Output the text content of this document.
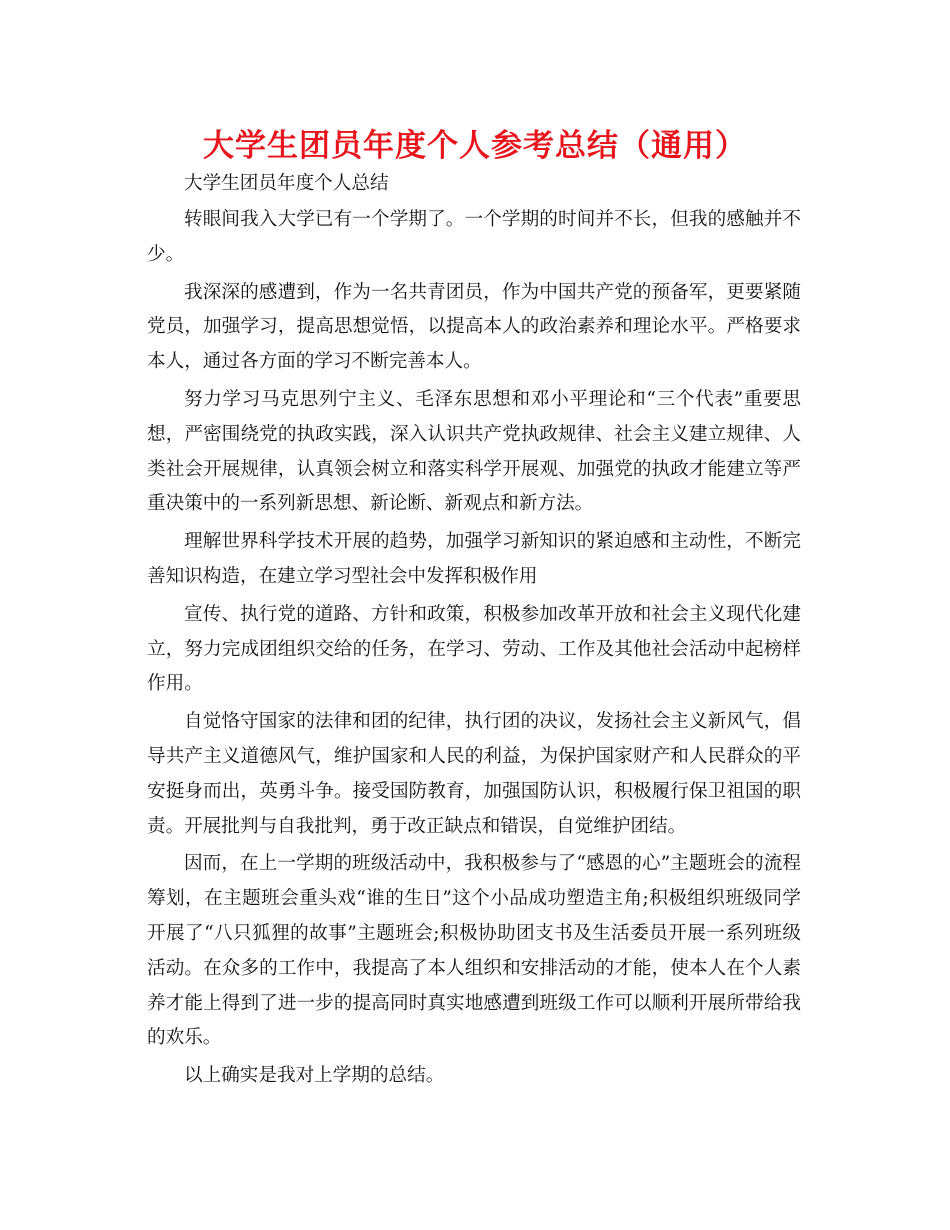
大学生团员年度个人参考总结（通用）

大学生团员年度个人总结

转眼间我入大学已有一个学期了。一个学期的时间并不长，但我的感触并不少。

我深深的感遭到，作为一名共青团员，作为中国共产党的预备军，更要紧随党员，加强学习，提高思想觉悟，以提高本人的政治素养和理论水平。严格要求本人，通过各方面的学习不断完善本人。

努力学习马克思列宁主义、毛泽东思想和邓小平理论和“三个代表”重要思想，严密围绕党的执政实践，深入认识共产党执政规律、社会主义建立规律、人类社会开展规律，认真领会树立和落实科学开展观、加强党的执政才能建立等严重决策中的一系列新思想、新论断、新观点和新方法。

理解世界科学技术开展的趋势，加强学习新知识的紧迫感和主动性，不断完善知识构造，在建立学习型社会中发挥积极作用

宣传、执行党的道路、方针和政策，积极参加改革开放和社会主义现代化建立，努力完成团组织交给的任务，在学习、劳动、工作及其他社会活动中起榜样作用。

自觉恪守国家的法律和团的纪律，执行团的决议，发扬社会主义新风气，倡导共产主义道德风气，维护国家和人民的利益，为保护国家财产和人民群众的平安挺身而出，英勇斗争。接受国防教育，加强国防认识，积极履行保卫祖国的职责。开展批判与自我批判，勇于改正缺点和错误，自觉维护团结。

因而，在上一学期的班级活动中，我积极参与了“感恩的心”主题班会的流程筹划，在主题班会重头戏“谁的生日”这个小品成功塑造主角;积极组织班级同学开展了“八只狐狸的故事”主题班会;积极协助团支书及生活委员开展一系列班级活动。在众多的工作中，我提高了本人组织和安排活动的才能，使本人在个人素养才能上得到了进一步的提高同时真实地感遭到班级工作可以顺利开展所带给我的欢乐。

以上确实是我对上学期的总结。
